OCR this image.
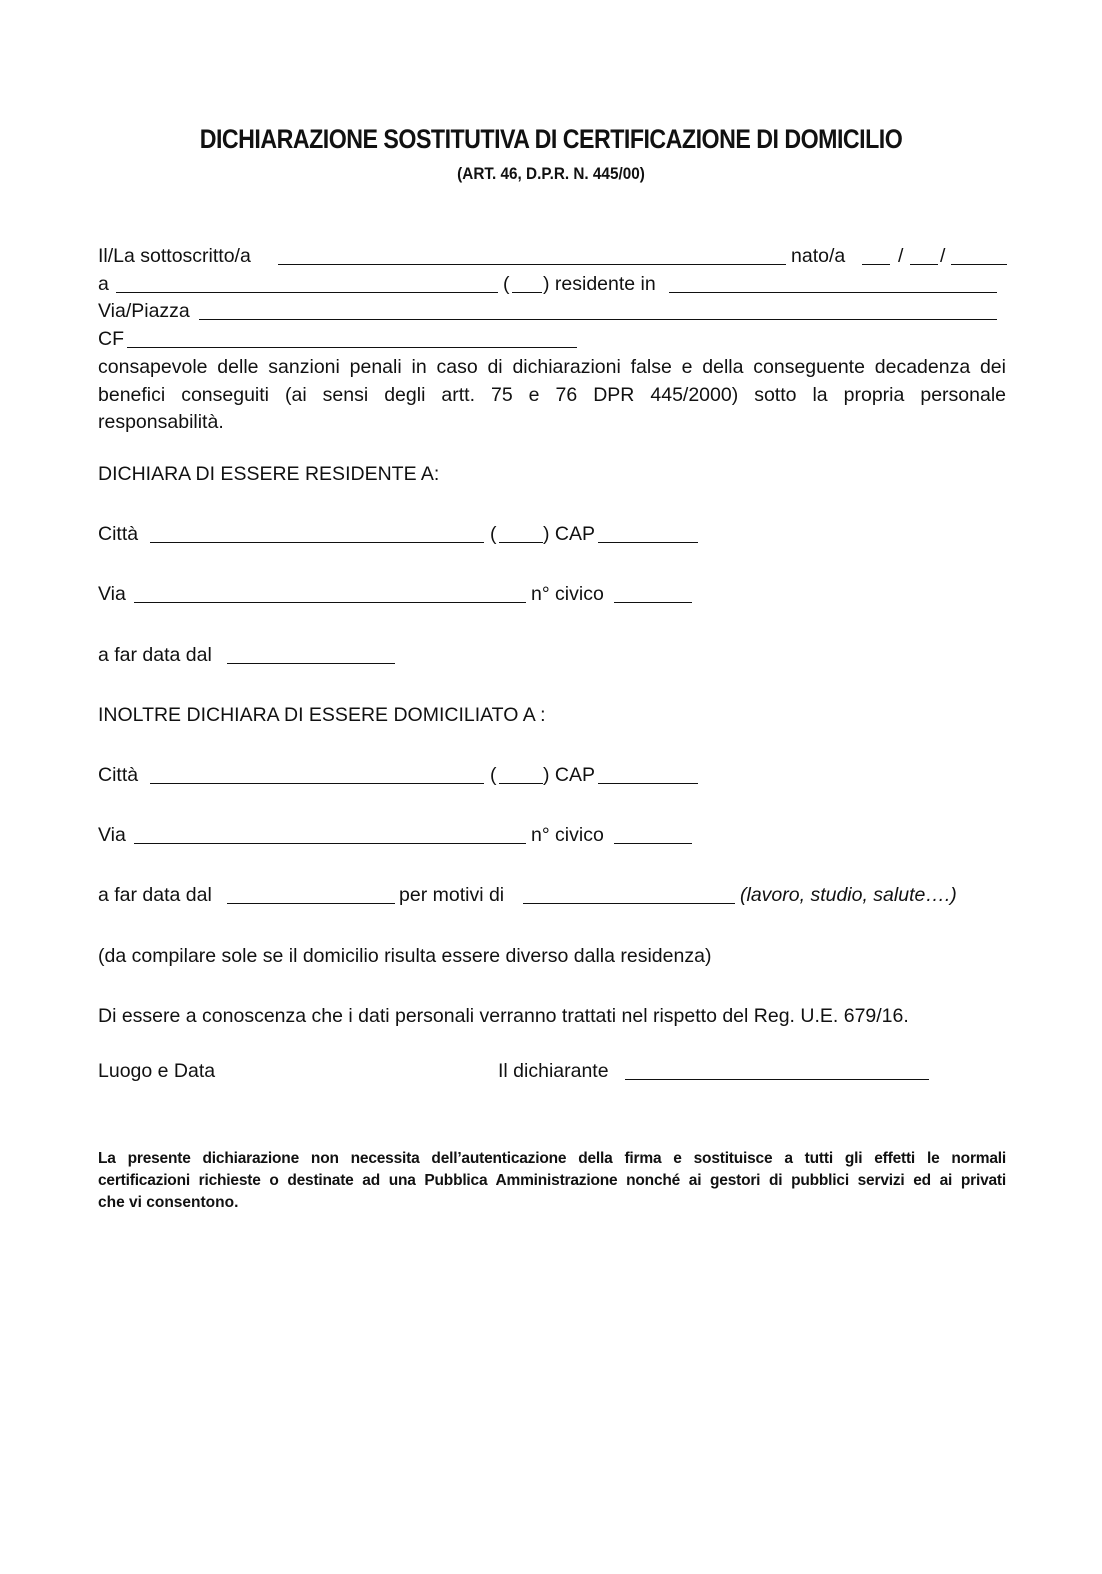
DICHIARAZIONE SOSTITUTIVA DI CERTIFICAZIONE DI DOMICILIO
(ART. 46, D.P.R. N. 445/00)
Il/La sottoscritto/a	nato/a	/ /
a	( ) residente in
Via/Piazza
CF
consapevole delle sanzioni penali in caso di dichiarazioni false e della conseguente decadenza dei
benefici conseguiti (ai sensi degli artt. 75 e 76 DPR 445/2000) sotto la propria personale
responsabilità.
DICHIARA DI ESSERE RESIDENTE A:
Città	( ) CAP
Via	n° civico
a far data dal
INOLTRE DICHIARA DI ESSERE DOMICILIATO A :
Città	( ) CAP
Via	n° civico
a far data dal	per motivi di	(lavoro, studio, salute….)
(da compilare sole se il domicilio risulta essere diverso dalla residenza)
Di essere a conoscenza che i dati personali verranno trattati nel rispetto del Reg. U.E. 679/16.
Luogo e Data	Il dichiarante
La presente dichiarazione non necessita dell’autenticazione della firma e sostituisce a tutti gli effetti le normali
certificazioni richieste o destinate ad una Pubblica Amministrazione nonché ai gestori di pubblici servizi ed ai privati
che vi consentono.
